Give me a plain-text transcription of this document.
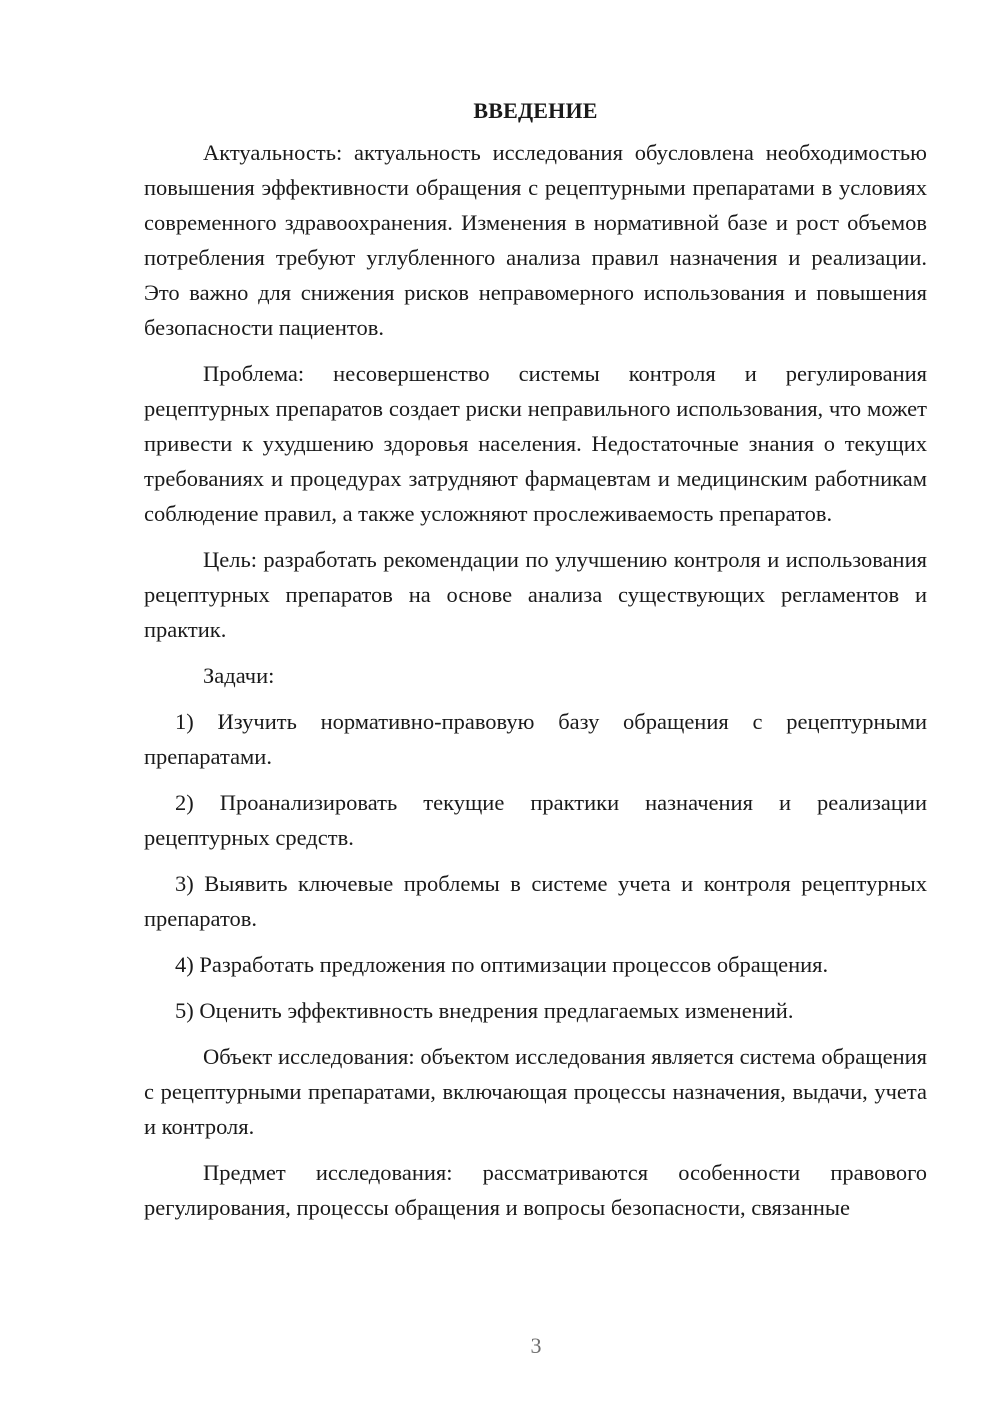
ВВЕДЕНИЕ

Актуальность: актуальность исследования обусловлена необходимостью повышения эффективности обращения с рецептурными препаратами в условиях современного здравоохранения. Изменения в нормативной базе и рост объемов потребления требуют углубленного анализа правил назначения и реализации. Это важно для снижения рисков неправомерного использования и повышения безопасности пациентов.

Проблема: несовершенство системы контроля и регулирования рецептурных препаратов создает риски неправильного использования, что может привести к ухудшению здоровья населения. Недостаточные знания о текущих требованиях и процедурах затрудняют фармацевтам и медицинским работникам соблюдение правил, а также усложняют прослеживаемость препаратов.

Цель: разработать рекомендации по улучшению контроля и использования рецептурных препаратов на основе анализа существующих регламентов и практик.

Задачи:

1) Изучить нормативно-правовую базу обращения с рецептурными препаратами.

2) Проанализировать текущие практики назначения и реализации рецептурных средств.

3) Выявить ключевые проблемы в системе учета и контроля рецептурных препаратов.

4) Разработать предложения по оптимизации процессов обращения.

5) Оценить эффективность внедрения предлагаемых изменений.

Объект исследования: объектом исследования является система обращения с рецептурными препаратами, включающая процессы назначения, выдачи, учета и контроля.

Предмет исследования: рассматриваются особенности правового регулирования, процессы обращения и вопросы безопасности, связанные

3
